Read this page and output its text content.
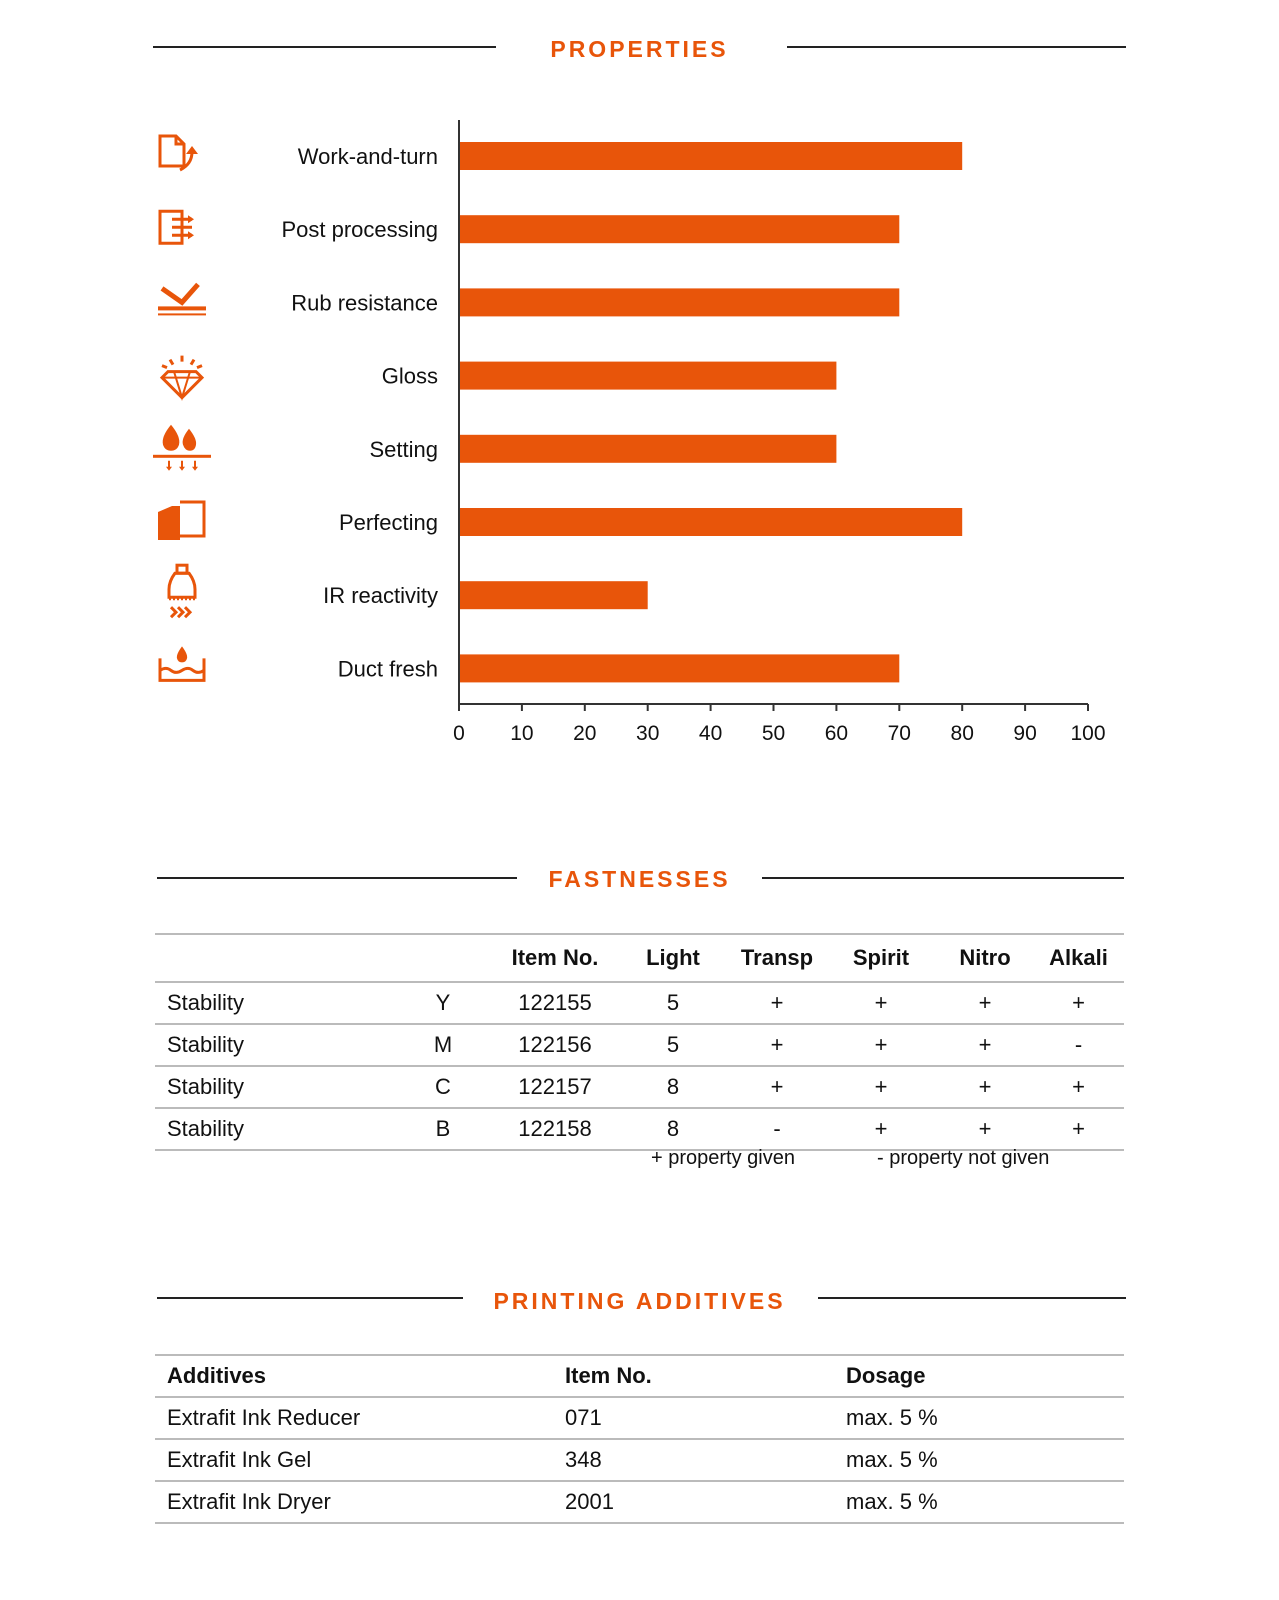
PROPERTIES
Work-and-turn
Post processing
Rub resistance
Gloss
Setting
Perfecting
IR reactivity
Duct fresh
0 10 20 30 40 50 60 70 80 90 100
FASTNESSES
		Item No.	Light	Transp	Spirit	Nitro	Alkali
Stability	Y	122155	5	+	+	+	+
Stability	M	122156	5	+	+	+	-
Stability	C	122157	8	+	+	+	+
Stability	B	122158	8	-	+	+	+
+ property given	- property not given
PRINTING ADDITIVES
Additives	Item No.	Dosage
Extrafit Ink Reducer	071	max. 5 %
Extrafit Ink Gel	348	max. 5 %
Extrafit Ink Dryer	2001	max. 5 %
